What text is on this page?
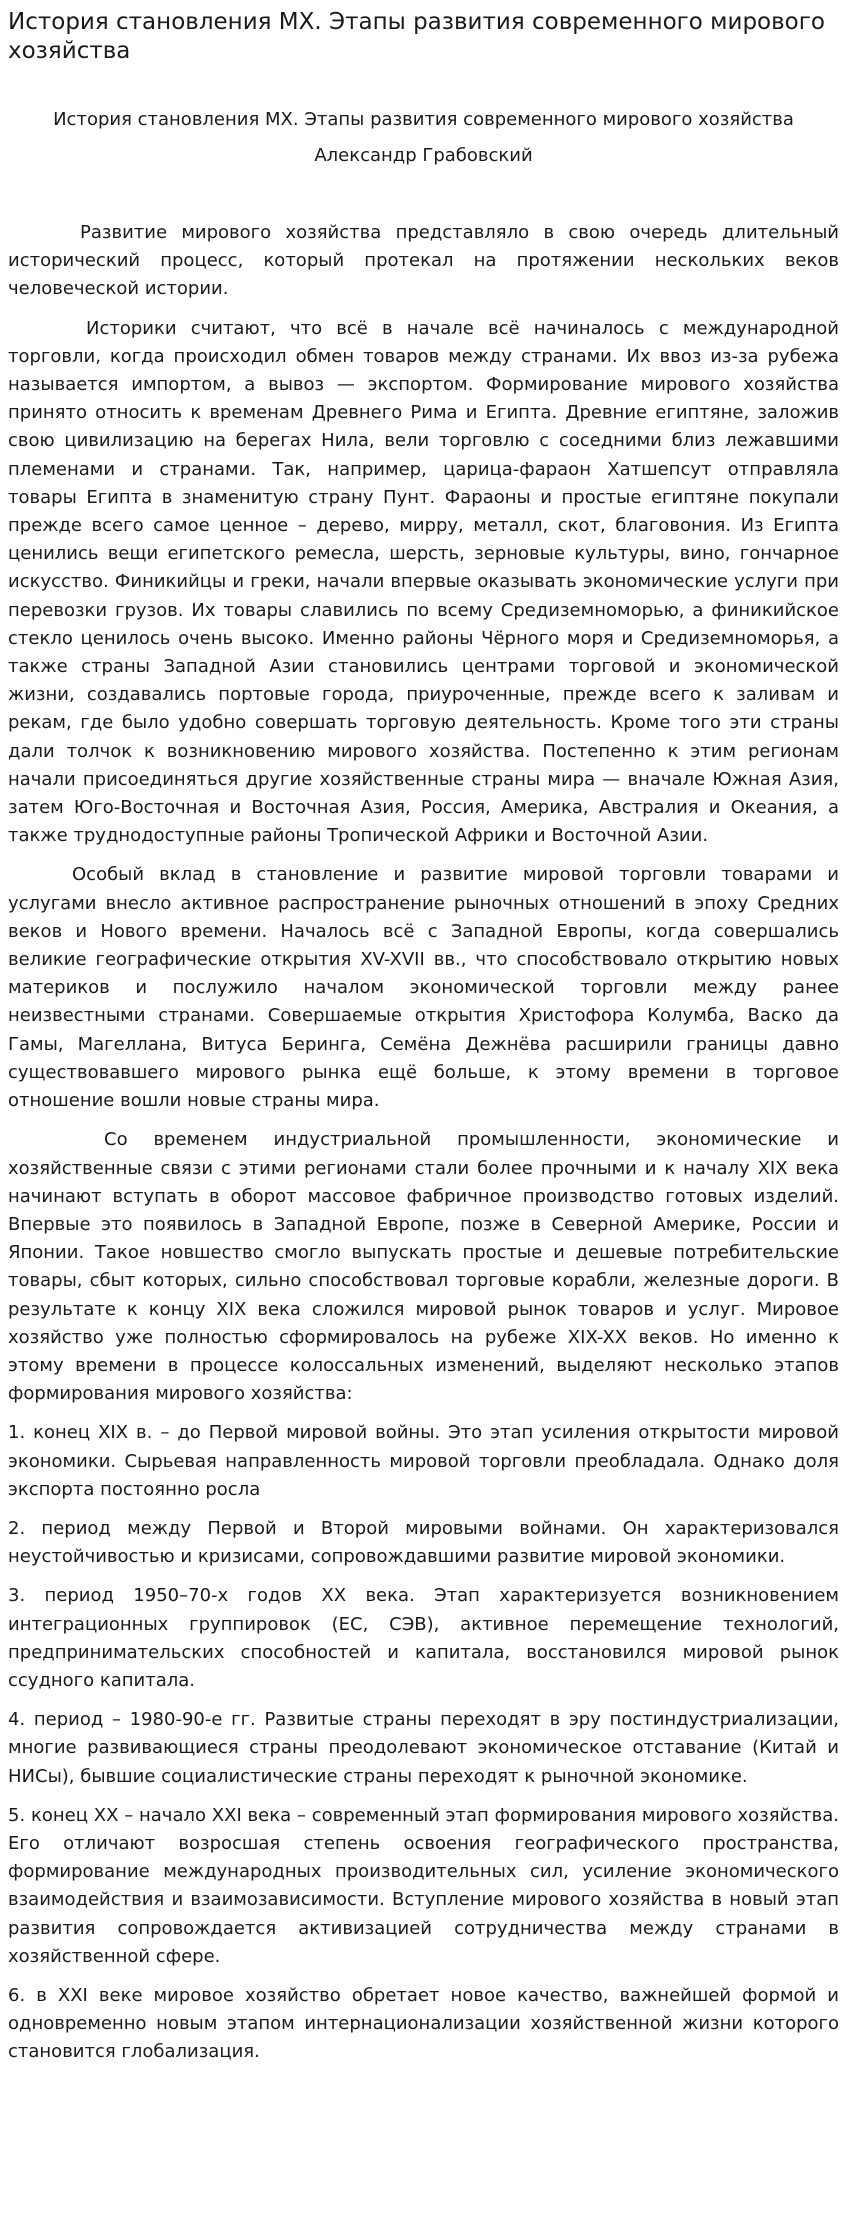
История становления МХ. Этапы развития современного мирового хозяйства
История становления МХ. Этапы развития современного мирового хозяйства
Александр Грабовский

Развитие мирового хозяйства представляло в свою очередь длительный исторический процесс, который протекал на протяжении нескольких веков человеческой истории.

Историки считают, что всё в начале всё начиналось с международной торговли, когда происходил обмен товаров между странами. Их ввоз из-за рубежа называется импортом, а вывоз — экспортом. Формирование мирового хозяйства принято относить к временам Древнего Рима и Египта. Древние египтяне, заложив свою цивилизацию на берегах Нила, вели торговлю с соседними близ лежавшими племенами и странами. Так, например, царица-фараон Хатшепсут отправляла товары Египта в знаменитую страну Пунт. Фараоны и простые египтяне покупали прежде всего самое ценное – дерево, мирру, металл, скот, благовония. Из Египта ценились вещи египетского ремесла, шерсть, зерновые культуры, вино, гончарное искусство. Финикийцы и греки, начали впервые оказывать экономические услуги при перевозки грузов. Их товары славились по всему Средиземноморью, а финикийское стекло ценилось очень высоко. Именно районы Чёрного моря и Средиземноморья, а также страны Западной Азии становились центрами торговой и экономической жизни, создавались портовые города, приуроченные, прежде всего к заливам и рекам, где было удобно совершать торговую деятельность. Кроме того эти страны дали толчок к возникновению мирового хозяйства. Постепенно к этим регионам начали присоединяться другие хозяйственные страны мира — вначале Южная Азия, затем Юго-Восточная и Восточная Азия, Россия, Америка, Австралия и Океания, а также труднодоступные районы Тропической Африки и Восточной Азии.

Особый вклад в становление и развитие мировой торговли товарами и услугами внесло активное распространение рыночных отношений в эпоху Средних веков и Нового времени. Началось всё с Западной Европы, когда совершались великие географические открытия XV-XVII вв., что способствовало открытию новых материков и послужило началом экономической торговли между ранее неизвестными странами. Совершаемые открытия Христофора Колумба, Васко да Гамы, Магеллана, Витуса Беринга, Семёна Дежнёва расширили границы давно существовавшего мирового рынка ещё больше, к этому времени в торговое отношение вошли новые страны мира.

Со временем индустриальной промышленности, экономические и хозяйственные связи с этими регионами стали более прочными и к началу XIX века начинают вступать в оборот массовое фабричное производство готовых изделий. Впервые это появилось в Западной Европе, позже в Северной Америке, России и Японии. Такое новшество смогло выпускать простые и дешевые потребительские товары, сбыт которых, сильно способствовал торговые корабли, железные дороги. В результате к концу XIX века сложился мировой рынок товаров и услуг. Мировое хозяйство уже полностью сформировалось на рубеже XIX-XX веков. Но именно к этому времени в процессе колоссальных изменений, выделяют несколько этапов формирования мирового хозяйства:

1. конец XIX в. – до Первой мировой войны. Это этап усиления открытости мировой экономики. Сырьевая направленность мировой торговли преобладала. Однако доля экспорта постоянно росла

2. период между Первой и Второй мировыми войнами. Он характеризовался неустойчивостью и кризисами, сопровождавшими развитие мировой экономики.

3. период 1950–70-х годов XX века. Этап характеризуется возникновением интеграционных группировок (ЕС, СЭВ), активное перемещение технологий, предпринимательских способностей и капитала, восстановился мировой рынок ссудного капитала.

4. период – 1980-90-е гг. Развитые страны переходят в эру постиндустриализации, многие развивающиеся страны преодолевают экономическое отставание (Китай и НИСы), бывшие социалистические страны переходят к рыночной экономике.

5. конец XX – начало XXI века – современный этап формирования мирового хозяйства. Его отличают возросшая степень освоения географического пространства, формирование международных производительных сил, усиление экономического взаимодействия и взаимозависимости. Вступление мирового хозяйства в новый этап развития сопровождается активизацией сотрудничества между странами в хозяйственной сфере.

6. в XXI веке мировое хозяйство обретает новое качество, важнейшей формой и одновременно новым этапом интернационализации хозяйственной жизни которого становится глобализация.
